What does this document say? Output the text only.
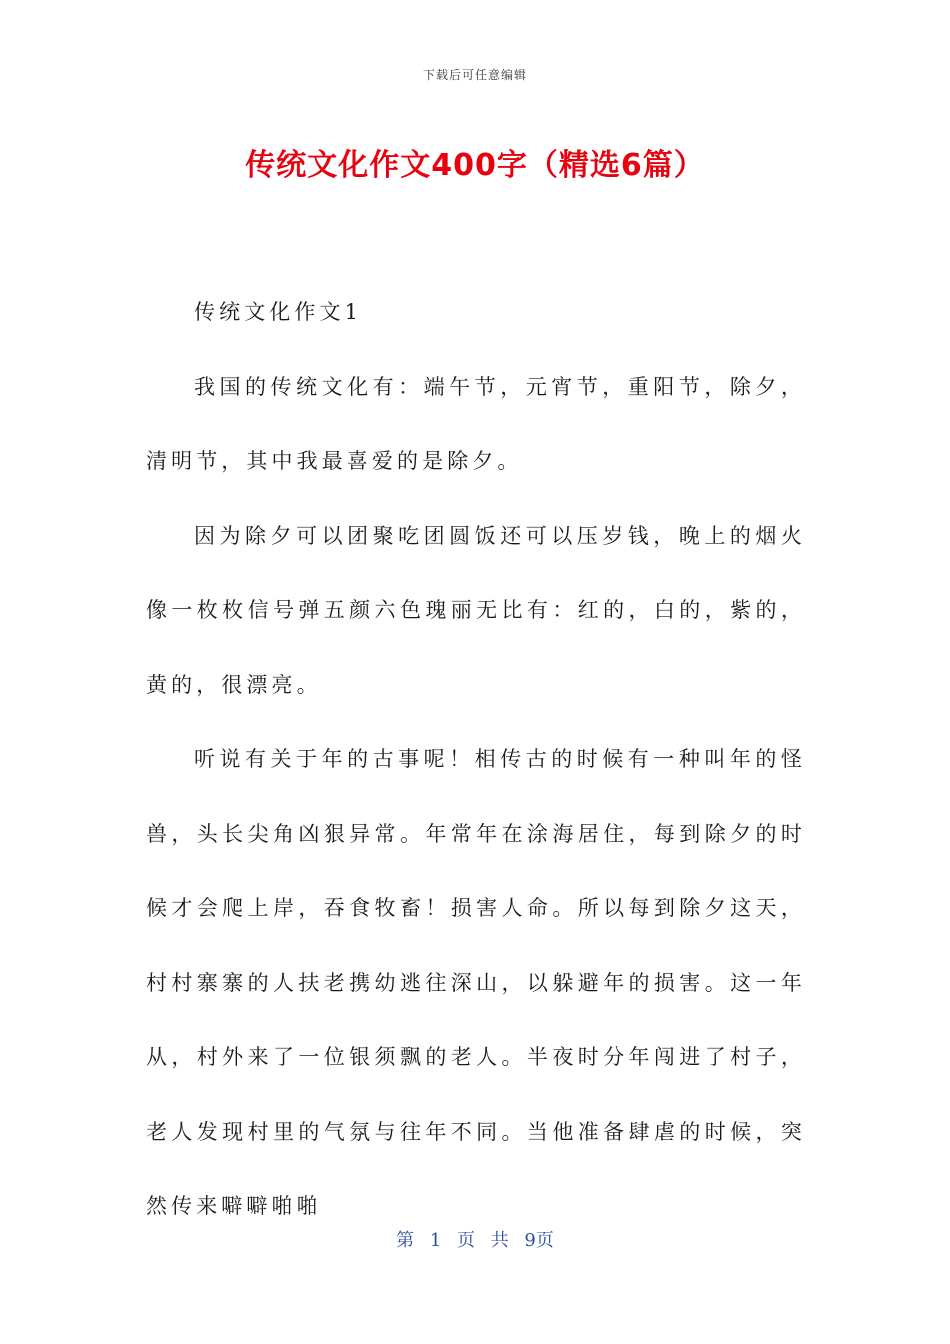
下载后可任意编辑
传统文化作文400字（精选6篇）

传统文化作文1

我国的传统文化有：端午节，元宵节，重阳节，除夕，清明节，其中我最喜爱的是除夕。

因为除夕可以团聚吃团圆饭还可以压岁钱，晚上的烟火像一枚枚信号弹五颜六色瑰丽无比有：红的，白的，紫的，黄的，很漂亮。

听说有关于年的古事呢！相传古的时候有一种叫年的怪兽，头长尖角凶狠异常。年常年在涂海居住，每到除夕的时候才会爬上岸，吞食牧畜！损害人命。所以每到除夕这天，村村寨寨的人扶老携幼逃往深山，以躲避年的损害。这一年从，村外来了一位银须飘的老人。半夜时分年闯进了村子，老人发现村里的气氛与往年不同。当他准备肆虐的时候，突然传来噼噼啪啪

第 1 页 共 9页
